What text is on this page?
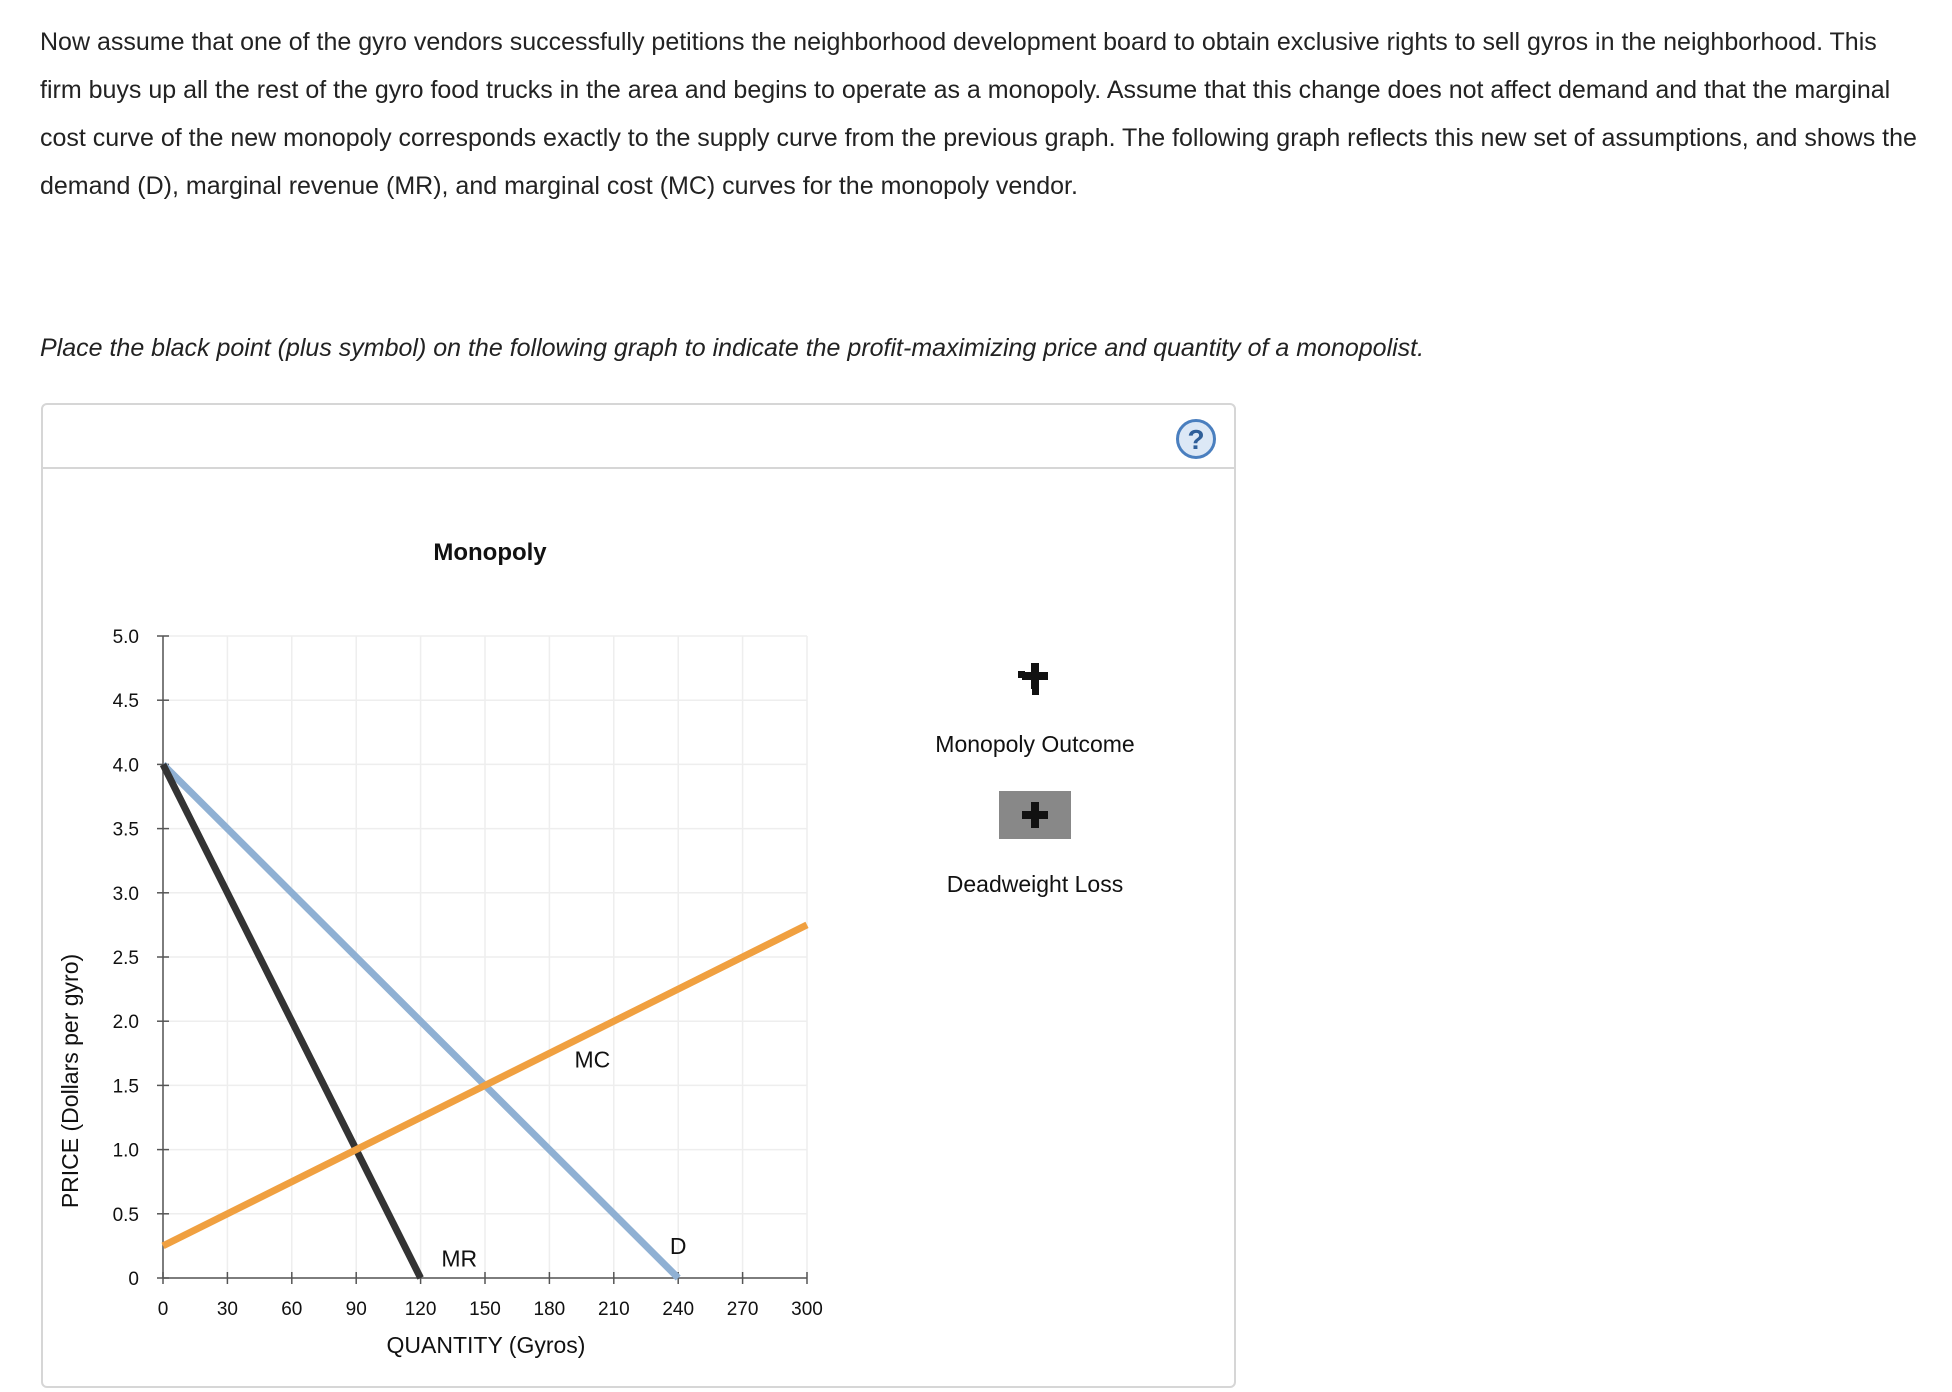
Now assume that one of the gyro vendors successfully petitions the neighborhood development board to obtain exclusive rights to sell gyros in the neighborhood. This firm buys up all the rest of the gyro food trucks in the area and begins to operate as a monopoly. Assume that this change does not affect demand and that the marginal cost curve of the new monopoly corresponds exactly to the supply curve from the previous graph. The following graph reflects this new set of assumptions, and shows the demand (D), marginal revenue (MR), and marginal cost (MC) curves for the monopoly vendor.

Place the black point (plus symbol) on the following graph to indicate the profit-maximizing price and quantity of a monopolist.

?
Monopoly
0	30 60 90 120 150 180 210 240 270 300
0
0.5
1.0
1.5
2.0
2.5
3.0
3.5
4.0
4.5
5.0
MC
MR	D
QUANTITY (Gyros)
PRICE (Dollars per gyro)
Monopoly Outcome
Deadweight Loss
